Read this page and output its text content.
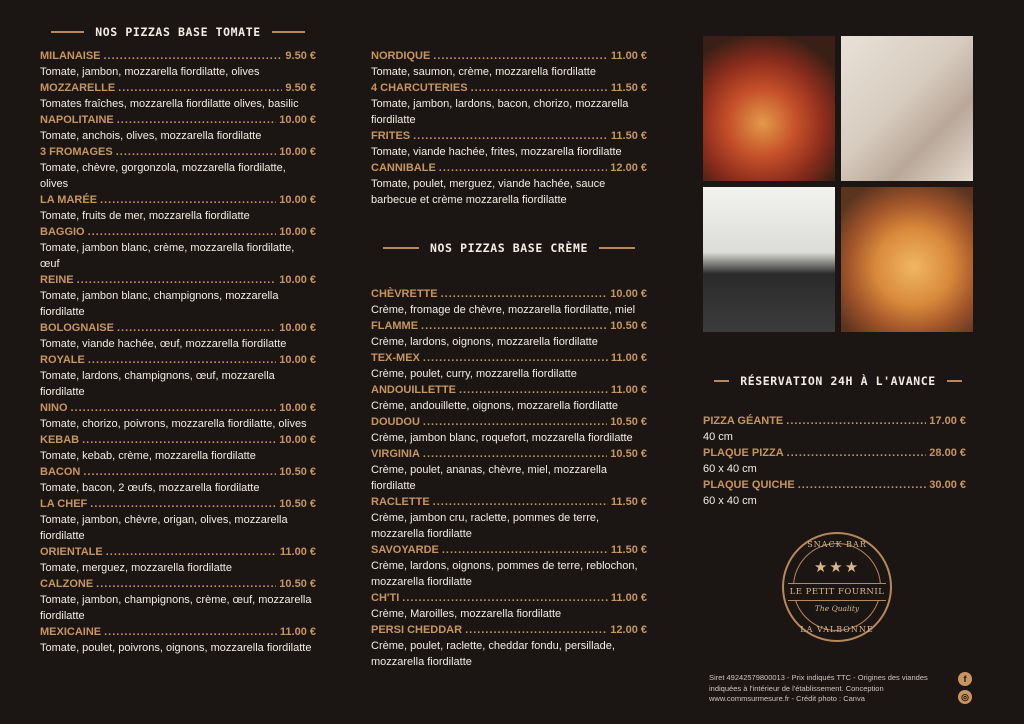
NOS PIZZAS BASE TOMATE
MILANAISE .....	9.50 €
Tomate, jambon, mozzarella fiordilatte, olives
MOZZARELLE .....	9.50 €
Tomates fraîches, mozzarella fiordilatte olives, basilic
NAPOLITAINE .....	10.00 €
Tomate, anchois, olives, mozzarella fiordilatte
3 FROMAGES .....	10.00 €
Tomate, chèvre, gorgonzola, mozzarella fiordilatte, olives
LA MARÉE .....	10.00 €
Tomate, fruits de mer, mozzarella fiordilatte
BAGGIO .....	10.00 €
Tomate, jambon blanc, crème, mozzarella fiordilatte, œuf
REINE .....	10.00 €
Tomate, jambon blanc, champignons, mozzarella fiordilatte
BOLOGNAISE .....	10.00 €
Tomate, viande hachée, œuf, mozzarella fiordilatte
ROYALE .....	10.00 €
Tomate, lardons, champignons, œuf, mozzarella fiordilatte
NINO .....	10.00 €
Tomate, chorizo, poivrons, mozzarella fiordilatte, olives
KEBAB .....	10.00 €
Tomate, kebab, crème, mozzarella fiordilatte
BACON .....	10.50 €
Tomate, bacon, 2 œufs, mozzarella fiordilatte
LA CHEF .....	10.50 €
Tomate, jambon, chèvre, origan, olives, mozzarella fiordilatte
ORIENTALE .....	11.00 €
Tomate, merguez, mozzarella fiordilatte
CALZONE .....	10.50 €
Tomate, jambon, champignons, crème, œuf, mozzarella fiordilatte
MEXICAINE .....	11.00 €
Tomate, poulet, poivrons, oignons, mozzarella fiordilatte
NORDIQUE .....	11.00 €
Tomate, saumon, crème, mozzarella fiordilatte
4 CHARCUTERIES .....	11.50 €
Tomate, jambon, lardons, bacon, chorizo, mozzarella fiordilatte
FRITES .....	11.50 €
Tomate, viande hachée, frites, mozzarella fiordilatte
CANNIBALE .....	12.00 €
Tomate, poulet, merguez, viande hachée, sauce barbecue et crème mozzarella fiordilatte
NOS PIZZAS BASE CRÈME
CHÈVRETTE .....	10.00 €
Crème, fromage de chèvre, mozzarella fiordilatte, miel
FLAMME .....	10.50 €
Crème, lardons, oignons, mozzarella fiordilatte
TEX-MEX .....	11.00 €
Crème, poulet, curry, mozzarella fiordilatte
ANDOUILLETTE .....	11.00 €
Crème, andouillette, oignons, mozzarella fiordilatte
DOUDOU .....	10.50 €
Crème, jambon blanc, roquefort, mozzarella fiordilatte
VIRGINIA .....	10.50 €
Crème, poulet, ananas, chèvre, miel, mozzarella fiordilatte
RACLETTE .....	11.50 €
Crème, jambon cru, raclette, pommes de terre, mozzarella fiordilatte
SAVOYARDE .....	11.50 €
Crème, lardons, oignons, pommes de terre, reblochon, mozzarella fiordilatte
CH'TI .....	11.00 €
Crème, Maroilles, mozzarella fiordilatte
PERSI CHEDDAR .....	12.00 €
Crème, poulet, raclette, cheddar fondu, persillade, mozzarella fiordilatte
RÉSERVATION 24H À L'AVANCE
PIZZA GÉANTE .....	17.00 €
40 cm
PLAQUE PIZZA .....	28.00 €
60 x 40 cm
PLAQUE QUICHE .....	30.00 €
60 x 40 cm
SNACK BAR
★★★
LE PETIT FOURNIL
The Quality
LA VALBONNE
Siret 49242579800013 - Prix indiqués TTC - Origines des viandes indiquées à l'intérieur de l'établissement. Conception www.commsurmesure.fr - Crédit photo : Canva
f
◎
